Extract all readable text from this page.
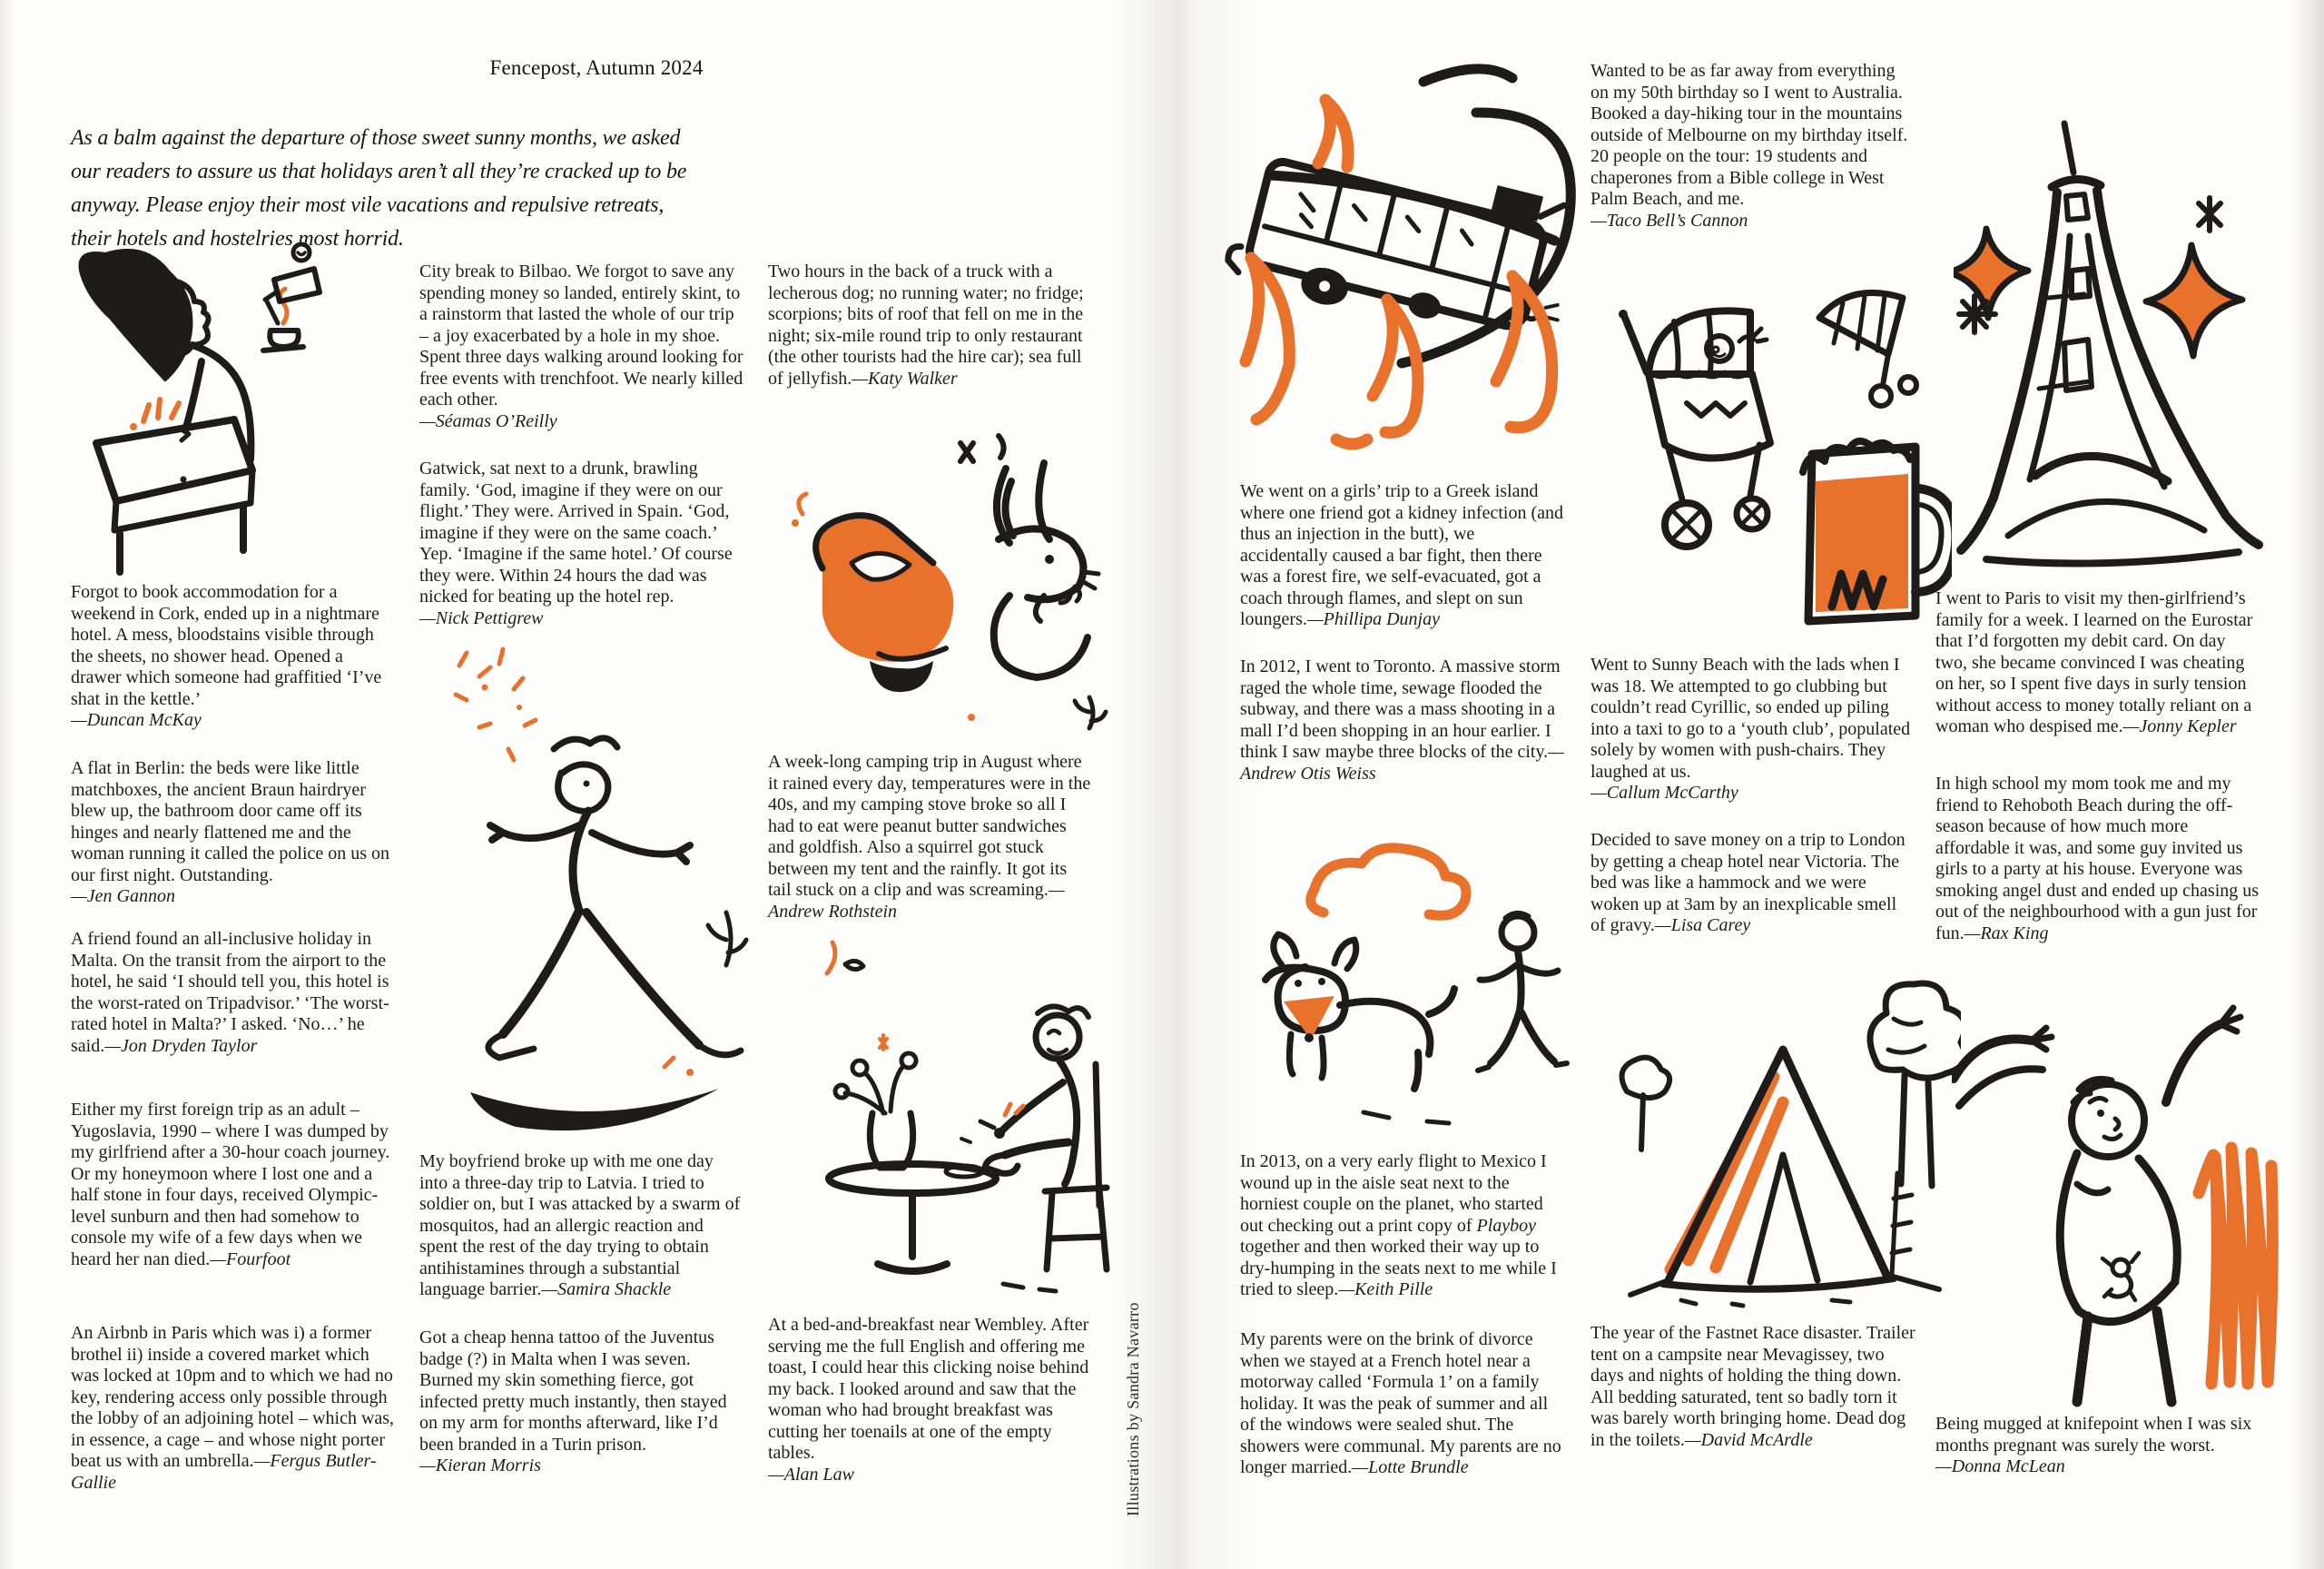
Fencepost, Autumn 2024
As a balm against the departure of those sweet sunny months, we asked our readers to assure us that holidays aren’t all they’re cracked up to be anyway. Please enjoy their most vile vacations and repulsive retreats, their hotels and hostelries most horrid.
Illustrations by Sandra Navarro
Forgot to book accommodation for a weekend in Cork, ended up in a nightmare hotel. A mess, bloodstains visible through the sheets, no shower head. Opened a drawer which someone had graffitied ‘I’ve shat in the kettle.’
—Duncan McKay
A flat in Berlin: the beds were like little matchboxes, the ancient Braun hairdryer blew up, the bathroom door came off its hinges and nearly flattened me and the woman running it called the police on us on our first night. Outstanding.
—Jen Gannon
A friend found an all-inclusive holiday in Malta. On the transit from the airport to the hotel, he said ‘I should tell you, this hotel is the worst-rated on Tripadvisor.’ ‘The worst-rated hotel in Malta?’ I asked. ‘No…’ he said.—Jon Dryden Taylor
Either my first foreign trip as an adult – Yugoslavia, 1990 – where I was dumped by my girlfriend after a 30-hour coach journey. Or my honeymoon where I lost one and a half stone in four days, received Olympic-level sunburn and then had somehow to console my wife of a few days when we heard her nan died.—Fourfoot
An Airbnb in Paris which was i) a former brothel ii) inside a covered market which was locked at 10pm and to which we had no key, rendering access only possible through the lobby of an adjoining hotel – which was, in essence, a cage – and whose night porter beat us with an umbrella.—Fergus Butler-Gallie
City break to Bilbao. We forgot to save any spending money so landed, entirely skint, to a rainstorm that lasted the whole of our trip – a joy exacerbated by a hole in my shoe. Spent three days walking around looking for free events with trenchfoot. We nearly killed each other.
—Séamas O’Reilly
Gatwick, sat next to a drunk, brawling family. ‘God, imagine if they were on our flight.’ They were. Arrived in Spain. ‘God, imagine if they were on the same coach.’ Yep. ‘Imagine if the same hotel.’ Of course they were. Within 24 hours the dad was nicked for beating up the hotel rep.
—Nick Pettigrew
My boyfriend broke up with me one day into a three-day trip to Latvia. I tried to soldier on, but I was attacked by a swarm of mosquitos, had an allergic reaction and spent the rest of the day trying to obtain antihistamines through a substantial language barrier.—Samira Shackle
Got a cheap henna tattoo of the Juventus badge (?) in Malta when I was seven. Burned my skin something fierce, got infected pretty much instantly, then stayed on my arm for months afterward, like I’d been branded in a Turin prison.
—Kieran Morris
Two hours in the back of a truck with a lecherous dog; no running water; no fridge; scorpions; bits of roof that fell on me in the night; six-mile round trip to only restaurant (the other tourists had the hire car); sea full of jellyfish.—Katy Walker
A week-long camping trip in August where it rained every day, temperatures were in the 40s, and my camping stove broke so all I had to eat were peanut butter sandwiches and goldfish. Also a squirrel got stuck between my tent and the rainfly. It got its tail stuck on a clip and was screaming.—Andrew Rothstein
At a bed-and-breakfast near Wembley. After serving me the full English and offering me toast, I could hear this clicking noise behind my back. I looked around and saw that the woman who had brought breakfast was cutting her toenails at one of the empty tables.
—Alan Law
We went on a girls’ trip to a Greek island where one friend got a kidney infection (and thus an injection in the butt), we accidentally caused a bar fight, then there was a forest fire, we self-evacuated, got a coach through flames, and slept on sun loungers.—Phillipa Dunjay
In 2012, I went to Toronto. A massive storm raged the whole time, sewage flooded the subway, and there was a mass shooting in a mall I’d been shopping in an hour earlier. I think I saw maybe three blocks of the city.—Andrew Otis Weiss
In 2013, on a very early flight to Mexico I wound up in the aisle seat next to the horniest couple on the planet, who started out checking out a print copy of Playboy together and then worked their way up to dry-humping in the seats next to me while I tried to sleep.—Keith Pille
My parents were on the brink of divorce when we stayed at a French hotel near a motorway called ‘Formula 1’ on a family holiday. It was the peak of summer and all of the windows were sealed shut. The showers were communal. My parents are no longer married.—Lotte Brundle
Wanted to be as far away from everything on my 50th birthday so I went to Australia. Booked a day-hiking tour in the mountains outside of Melbourne on my birthday itself. 20 people on the tour: 19 students and chaperones from a Bible college in West Palm Beach, and me.
—Taco Bell’s Cannon
Went to Sunny Beach with the lads when I was 18. We attempted to go clubbing but couldn’t read Cyrillic, so ended up piling into a taxi to go to a ‘youth club’, populated solely by women with push-chairs. They laughed at us.
—Callum McCarthy
Decided to save money on a trip to London by getting a cheap hotel near Victoria. The bed was like a hammock and we were woken up at 3am by an inexplicable smell of gravy.—Lisa Carey
The year of the Fastnet Race disaster. Trailer tent on a campsite near Mevagissey, two days and nights of holding the thing down. All bedding saturated, tent so badly torn it was barely worth bringing home. Dead dog in the toilets.—David McArdle
I went to Paris to visit my then-girlfriend’s family for a week. I learned on the Eurostar that I’d forgotten my debit card. On day two, she became convinced I was cheating on her, so I spent five days in surly tension without access to money totally reliant on a woman who despised me.—Jonny Kepler
In high school my mom took me and my friend to Rehoboth Beach during the off-season because of how much more affordable it was, and some guy invited us girls to a party at his house. Everyone was smoking angel dust and ended up chasing us out of the neighbourhood with a gun just for fun.—Rax King
Being mugged at knifepoint when I was six months pregnant was surely the worst.
—Donna McLean
